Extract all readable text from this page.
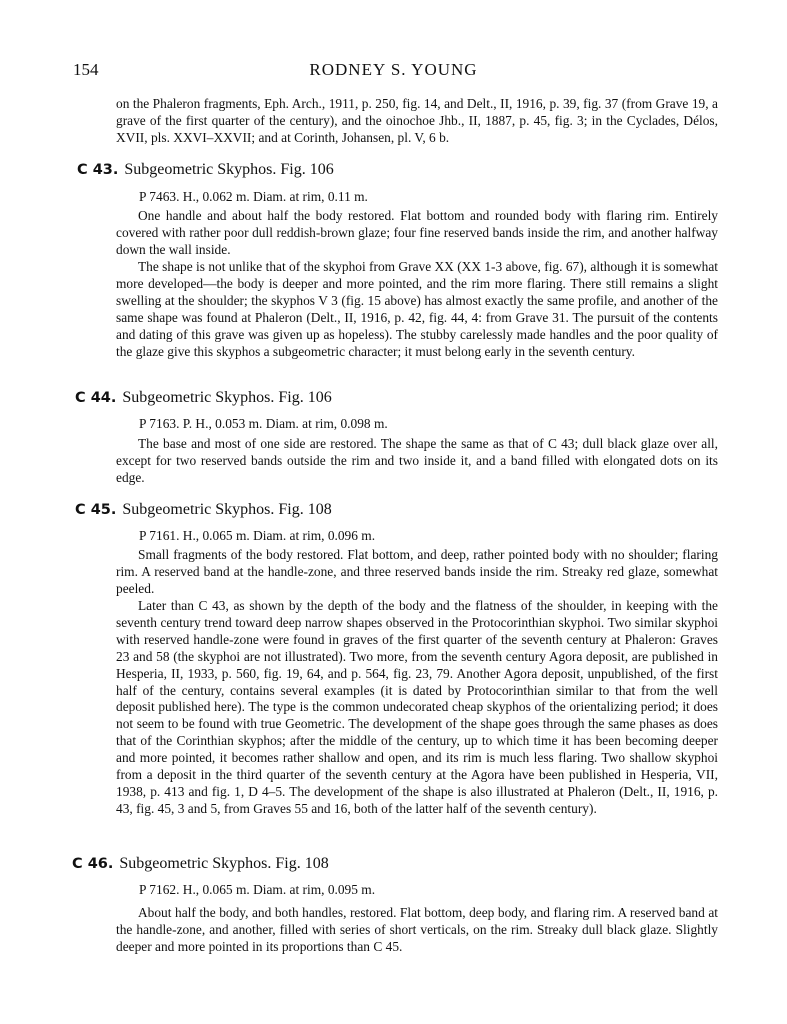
154	RODNEY S. YOUNG
on the Phaleron fragments, Eph. Arch., 1911, p. 250, fig. 14, and Delt., II, 1916, p. 39, fig. 37 (from Grave 19, a grave of the first quarter of the century), and the oinochoe Jhb., II, 1887, p. 45, fig. 3; in the Cyclades, Délos, XVII, pls. XXVI–XXVII; and at Corinth, Johansen, pl. V, 6 b.
C 43. Subgeometric Skyphos. Fig. 106
P 7463. H., 0.062 m. Diam. at rim, 0.11 m.
One handle and about half the body restored. Flat bottom and rounded body with flaring rim. Entirely covered with rather poor dull reddish-brown glaze; four fine reserved bands inside the rim, and another halfway down the wall inside.
The shape is not unlike that of the skyphoi from Grave XX (XX 1-3 above, fig. 67), although it is somewhat more developed—the body is deeper and more pointed, and the rim more flaring. There still remains a slight swelling at the shoulder; the skyphos V 3 (fig. 15 above) has almost exactly the same profile, and another of the same shape was found at Phaleron (Delt., II, 1916, p. 42, fig. 44, 4: from Grave 31. The pursuit of the contents and dating of this grave was given up as hopeless). The stubby carelessly made handles and the poor quality of the glaze give this skyphos a subgeometric character; it must belong early in the seventh century.
C 44. Subgeometric Skyphos. Fig. 106
P 7163. P. H., 0.053 m. Diam. at rim, 0.098 m.
The base and most of one side are restored. The shape the same as that of C 43; dull black glaze over all, except for two reserved bands outside the rim and two inside it, and a band filled with elongated dots on its edge.
C 45. Subgeometric Skyphos. Fig. 108
P 7161. H., 0.065 m. Diam. at rim, 0.096 m.
Small fragments of the body restored. Flat bottom, and deep, rather pointed body with no shoulder; flaring rim. A reserved band at the handle-zone, and three reserved bands inside the rim. Streaky red glaze, somewhat peeled.
Later than C 43, as shown by the depth of the body and the flatness of the shoulder, in keeping with the seventh century trend toward deep narrow shapes observed in the Protocorinthian skyphoi. Two similar skyphoi with reserved handle-zone were found in graves of the first quarter of the seventh century at Phaleron: Graves 23 and 58 (the skyphoi are not illustrated). Two more, from the seventh century Agora deposit, are published in Hesperia, II, 1933, p. 560, fig. 19, 64, and p. 564, fig. 23, 79. Another Agora deposit, unpublished, of the first half of the century, contains several examples (it is dated by Protocorinthian similar to that from the well deposit published here). The type is the common undecorated cheap skyphos of the orientalizing period; it does not seem to be found with true Geometric. The development of the shape goes through the same phases as does that of the Corinthian skyphos; after the middle of the century, up to which time it has been becoming deeper and more pointed, it becomes rather shallow and open, and its rim is much less flaring. Two shallow skyphoi from a deposit in the third quarter of the seventh century at the Agora have been published in Hesperia, VII, 1938, p. 413 and fig. 1, D 4–5. The development of the shape is also illustrated at Phaleron (Delt., II, 1916, p. 43, fig. 45, 3 and 5, from Graves 55 and 16, both of the latter half of the seventh century).
C 46. Subgeometric Skyphos. Fig. 108
P 7162. H., 0.065 m. Diam. at rim, 0.095 m.
About half the body, and both handles, restored. Flat bottom, deep body, and flaring rim. A reserved band at the handle-zone, and another, filled with series of short verticals, on the rim. Streaky dull black glaze. Slightly deeper and more pointed in its proportions than C 45.
